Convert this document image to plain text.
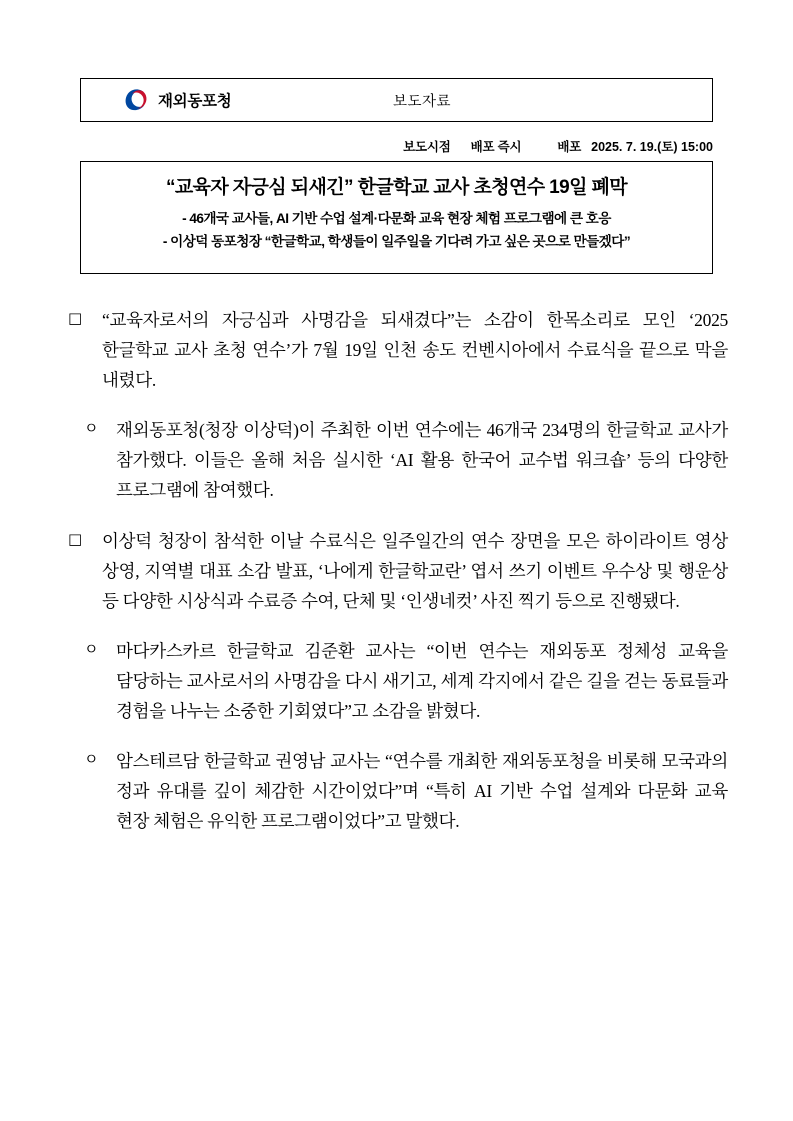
재외동포청	보도자료
보도시점 배포 즉시	배포 2025. 7. 19.(토) 15:00
“교육자 자긍심 되새긴” 한글학교 교사 초청연수 19일 폐막
- 46개국 교사들, AI 기반 수업 설계·다문화 교육 현장 체험 프로그램에 큰 호응
- 이상덕 동포청장 “한글학교, 학생들이 일주일을 기다려 가고 싶은 곳으로 만들겠다”
□	“교육자로서의 자긍심과 사명감을 되새겼다”는 소감이 한목소리로 모인 ‘2025 한글학교 교사 초청 연수’가 7월 19일 인천 송도 컨벤시아에서 수료식을 끝으로 막을 내렸다.
ㅇ	재외동포청(청장 이상덕)이 주최한 이번 연수에는 46개국 234명의 한글학교 교사가 참가했다. 이들은 올해 처음 실시한 ‘AI 활용 한국어 교수법 워크숍’ 등의 다양한 프로그램에 참여했다.
□	이상덕 청장이 참석한 이날 수료식은 일주일간의 연수 장면을 모은 하이라이트 영상 상영, 지역별 대표 소감 발표, ‘나에게 한글학교란’ 엽서 쓰기 이벤트 우수상 및 행운상 등 다양한 시상식과 수료증 수여, 단체 및 ‘인생네컷’ 사진 찍기 등으로 진행됐다.
ㅇ	마다카스카르 한글학교 김준환 교사는 “이번 연수는 재외동포 정체성 교육을 담당하는 교사로서의 사명감을 다시 새기고, 세계 각지에서 같은 길을 걷는 동료들과 경험을 나누는 소중한 기회였다”고 소감을 밝혔다.
ㅇ	암스테르담 한글학교 권영남 교사는 “연수를 개최한 재외동포청을 비롯해 모국과의 정과 유대를 깊이 체감한 시간이었다”며 “특히 AI 기반 수업 설계와 다문화 교육 현장 체험은 유익한 프로그램이었다”고 말했다.
